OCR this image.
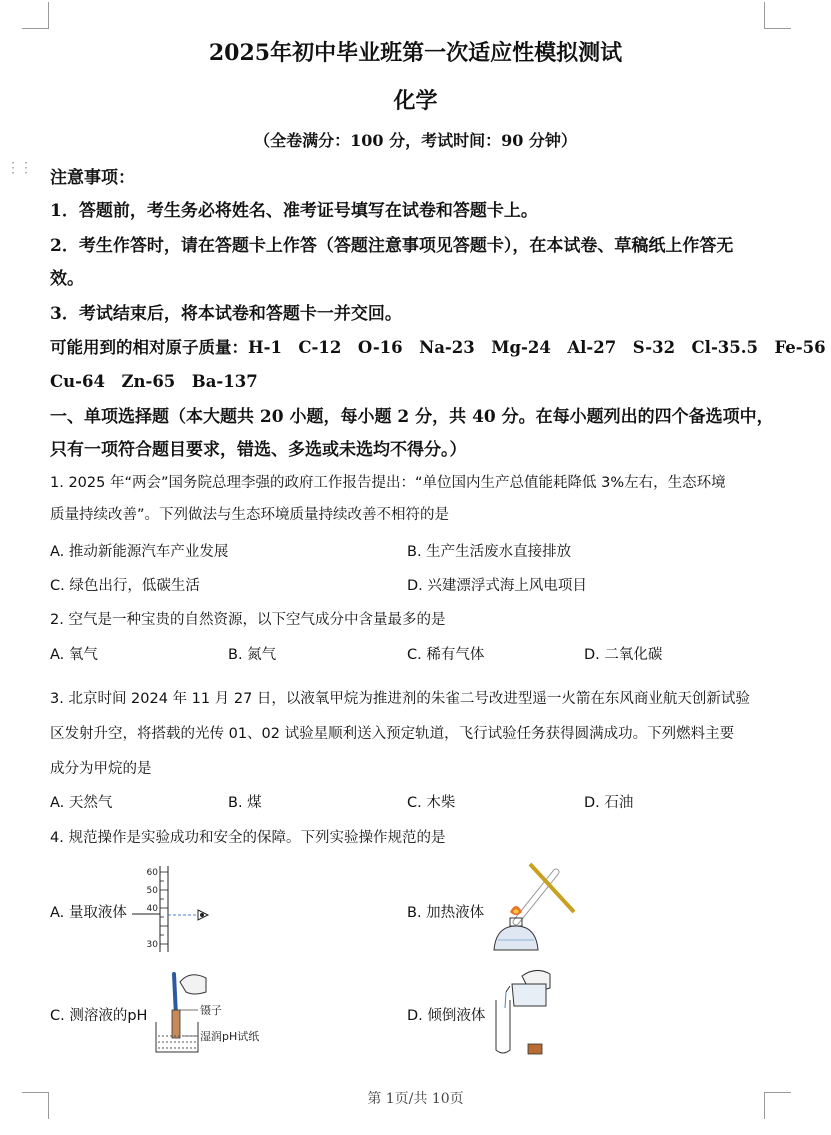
⋮⋮
2025年初中毕业班第一次适应性模拟测试
化学
（全卷满分：100 分，考试时间：90 分钟）
注意事项：
1．答题前，考生务必将姓名、准考证号填写在试卷和答题卡上。
2．考生作答时，请在答题卡上作答（答题注意事项见答题卡），在本试卷、草稿纸上作答无
效。
3．考试结束后，将本试卷和答题卡一并交回。
可能用到的相对原子质量：H-1　C-12　O-16　Na-23　Mg-24　Al-27　S-32　Cl-35.5　Fe-56
Cu-64　Zn-65　Ba-137
一、单项选择题（本大题共 20 小题，每小题 2 分，共 40 分。在每小题列出的四个备选项中，
只有一项符合题目要求，错选、多选或未选均不得分。）
1. 2025 年“两会”国务院总理李强的政府工作报告提出：“单位国内生产总值能耗降低 3%左右，生态环境
质量持续改善”。下列做法与生态环境质量持续改善不相符的是
A. 推动新能源汽车产业发展	B. 生产生活废水直接排放
C. 绿色出行，低碳生活	D. 兴建漂浮式海上风电项目
2. 空气是一种宝贵的自然资源，以下空气成分中含量最多的是
A. 氧气	B. 氮气	C. 稀有气体	D. 二氧化碳
3. 北京时间 2024 年 11 月 27 日，以液氧甲烷为推进剂的朱雀二号改进型遥一火箭在东风商业航天创新试验
区发射升空，将搭载的光传 01、02 试验星顺利送入预定轨道，飞行试验任务获得圆满成功。下列燃料主要
成分为甲烷的是
A. 天然气	B. 煤	C. 木柴	D. 石油
4. 规范操作是实验成功和安全的保障。下列实验操作规范的是
A. 量取液体	B. 加热液体
C. 测溶液的pH	D. 倾倒液体
60
50
40
30
镊子
湿润pH试纸
第 1页/共 10页
